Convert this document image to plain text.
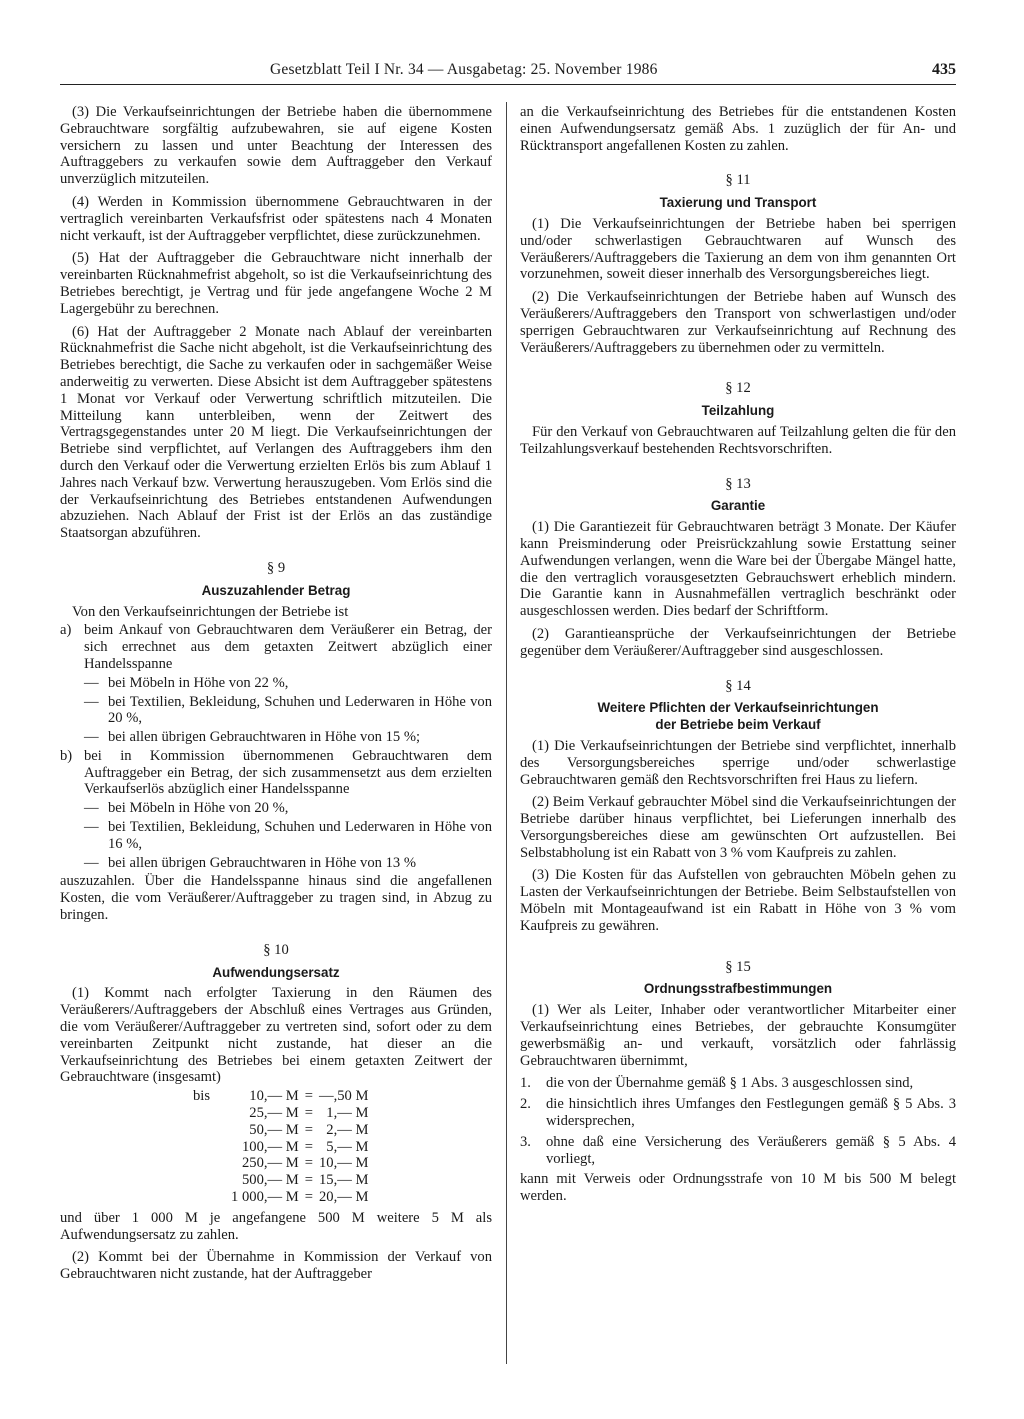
Gesetzblatt Teil I Nr. 34 — Ausgabetag: 25. November 1986	435

(3) Die Verkaufseinrichtungen der Betriebe haben die übernommene Gebrauchtware sorgfältig aufzubewahren, sie auf eigene Kosten versichern zu lassen und unter Beachtung der Interessen des Auftraggebers zu verkaufen sowie dem Auftraggeber den Verkauf unverzüglich mitzuteilen.

(4) Werden in Kommission übernommene Gebrauchtwaren in der vertraglich vereinbarten Verkaufsfrist oder spätestens nach 4 Monaten nicht verkauft, ist der Auftraggeber verpflichtet, diese zurückzunehmen.

(5) Hat der Auftraggeber die Gebrauchtware nicht innerhalb der vereinbarten Rücknahmefrist abgeholt, so ist die Verkaufseinrichtung des Betriebes berechtigt, je Vertrag und für jede angefangene Woche 2 M Lagergebühr zu berechnen.

(6) Hat der Auftraggeber 2 Monate nach Ablauf der vereinbarten Rücknahmefrist die Sache nicht abgeholt, ist die Verkaufseinrichtung des Betriebes berechtigt, die Sache zu verkaufen oder in sachgemäßer Weise anderweitig zu verwerten. Diese Absicht ist dem Auftraggeber spätestens 1 Monat vor Verkauf oder Verwertung schriftlich mitzuteilen. Die Mitteilung kann unterbleiben, wenn der Zeitwert des Vertragsgegenstandes unter 20 M liegt. Die Verkaufseinrichtungen der Betriebe sind verpflichtet, auf Verlangen des Auftraggebers ihm den durch den Verkauf oder die Verwertung erzielten Erlös bis zum Ablauf 1 Jahres nach Verkauf bzw. Verwertung herauszugeben. Vom Erlös sind die der Verkaufseinrichtung des Betriebes entstandenen Aufwendungen abzuziehen. Nach Ablauf der Frist ist der Erlös an das zuständige Staatsorgan abzuführen.

§ 9
Auszuzahlender Betrag

Von den Verkaufseinrichtungen der Betriebe ist

a) beim Ankauf von Gebrauchtwaren dem Veräußerer ein Betrag, der sich errechnet aus dem getaxten Zeitwert abzüglich einer Handelsspanne
— bei Möbeln in Höhe von 22 %,
— bei Textilien, Bekleidung, Schuhen und Lederwaren in Höhe von 20 %,
— bei allen übrigen Gebrauchtwaren in Höhe von 15 %;
b) bei in Kommission übernommenen Gebrauchtwaren dem Auftraggeber ein Betrag, der sich zusammensetzt aus dem erzielten Verkaufserlös abzüglich einer Handelsspanne
— bei Möbeln in Höhe von 20 %,
— bei Textilien, Bekleidung, Schuhen und Lederwaren in Höhe von 16 %,
— bei allen übrigen Gebrauchtwaren in Höhe von 13 %

auszuzahlen. Über die Handelsspanne hinaus sind die angefallenen Kosten, die vom Veräußerer/Auftraggeber zu tragen sind, in Abzug zu bringen.

§ 10
Aufwendungsersatz

(1) Kommt nach erfolgter Taxierung in den Räumen des Veräußerers/Auftraggebers der Abschluß eines Vertrages aus Gründen, die vom Veräußerer/Auftraggeber zu vertreten sind, sofort oder zu dem vereinbarten Zeitpunkt nicht zustande, hat dieser an die Verkaufseinrichtung des Betriebes bei einem getaxten Zeitwert der Gebrauchtware (insgesamt)

bis	10,— M	=	—,50 M
	25,— M	=	1,— M
	50,— M	=	2,— M
	100,— M	=	5,— M
	250,— M	=	10,— M
	500,— M	=	15,— M
	1 000,— M	=	20,— M

und über 1 000 M je angefangene 500 M weitere 5 M als Aufwendungsersatz zu zahlen.

(2) Kommt bei der Übernahme in Kommission der Verkauf von Gebrauchtwaren nicht zustande, hat der Auftraggeber

an die Verkaufseinrichtung des Betriebes für die entstandenen Kosten einen Aufwendungsersatz gemäß Abs. 1 zuzüglich der für An- und Rücktransport angefallenen Kosten zu zahlen.

§ 11
Taxierung und Transport

(1) Die Verkaufseinrichtungen der Betriebe haben bei sperrigen und/oder schwerlastigen Gebrauchtwaren auf Wunsch des Veräußerers/Auftraggebers die Taxierung an dem von ihm genannten Ort vorzunehmen, soweit dieser innerhalb des Versorgungsbereiches liegt.

(2) Die Verkaufseinrichtungen der Betriebe haben auf Wunsch des Veräußerers/Auftraggebers den Transport von schwerlastigen und/oder sperrigen Gebrauchtwaren zur Verkaufseinrichtung auf Rechnung des Veräußerers/Auftraggebers zu übernehmen oder zu vermitteln.

§ 12
Teilzahlung

Für den Verkauf von Gebrauchtwaren auf Teilzahlung gelten die für den Teilzahlungsverkauf bestehenden Rechtsvorschriften.

§ 13
Garantie

(1) Die Garantiezeit für Gebrauchtwaren beträgt 3 Monate. Der Käufer kann Preisminderung oder Preisrückzahlung sowie Erstattung seiner Aufwendungen verlangen, wenn die Ware bei der Übergabe Mängel hatte, die den vertraglich vorausgesetzten Gebrauchswert erheblich mindern. Die Garantie kann in Ausnahmefällen vertraglich beschränkt oder ausgeschlossen werden. Dies bedarf der Schriftform.

(2) Garantieansprüche der Verkaufseinrichtungen der Betriebe gegenüber dem Veräußerer/Auftraggeber sind ausgeschlossen.

§ 14
Weitere Pflichten der Verkaufseinrichtungen
der Betriebe beim Verkauf

(1) Die Verkaufseinrichtungen der Betriebe sind verpflichtet, innerhalb des Versorgungsbereiches sperrige und/oder schwerlastige Gebrauchtwaren gemäß den Rechtsvorschriften frei Haus zu liefern.

(2) Beim Verkauf gebrauchter Möbel sind die Verkaufseinrichtungen der Betriebe darüber hinaus verpflichtet, bei Lieferungen innerhalb des Versorgungsbereiches diese am gewünschten Ort aufzustellen. Bei Selbstabholung ist ein Rabatt von 3 % vom Kaufpreis zu zahlen.

(3) Die Kosten für das Aufstellen von gebrauchten Möbeln gehen zu Lasten der Verkaufseinrichtungen der Betriebe. Beim Selbstaufstellen von Möbeln mit Montageaufwand ist ein Rabatt in Höhe von 3 % vom Kaufpreis zu gewähren.

§ 15
Ordnungsstrafbestimmungen

(1) Wer als Leiter, Inhaber oder verantwortlicher Mitarbeiter einer Verkaufseinrichtung eines Betriebes, der gebrauchte Konsumgüter gewerbsmäßig an- und verkauft, vorsätzlich oder fahrlässig Gebrauchtwaren übernimmt,

1.	die von der Übernahme gemäß § 1 Abs. 3 ausgeschlossen sind,
2.	die hinsichtlich ihres Umfanges den Festlegungen gemäß § 5 Abs. 3 widersprechen,
3.	ohne daß eine Versicherung des Veräußerers gemäß § 5 Abs. 4 vorliegt,

kann mit Verweis oder Ordnungsstrafe von 10 M bis 500 M belegt werden.
